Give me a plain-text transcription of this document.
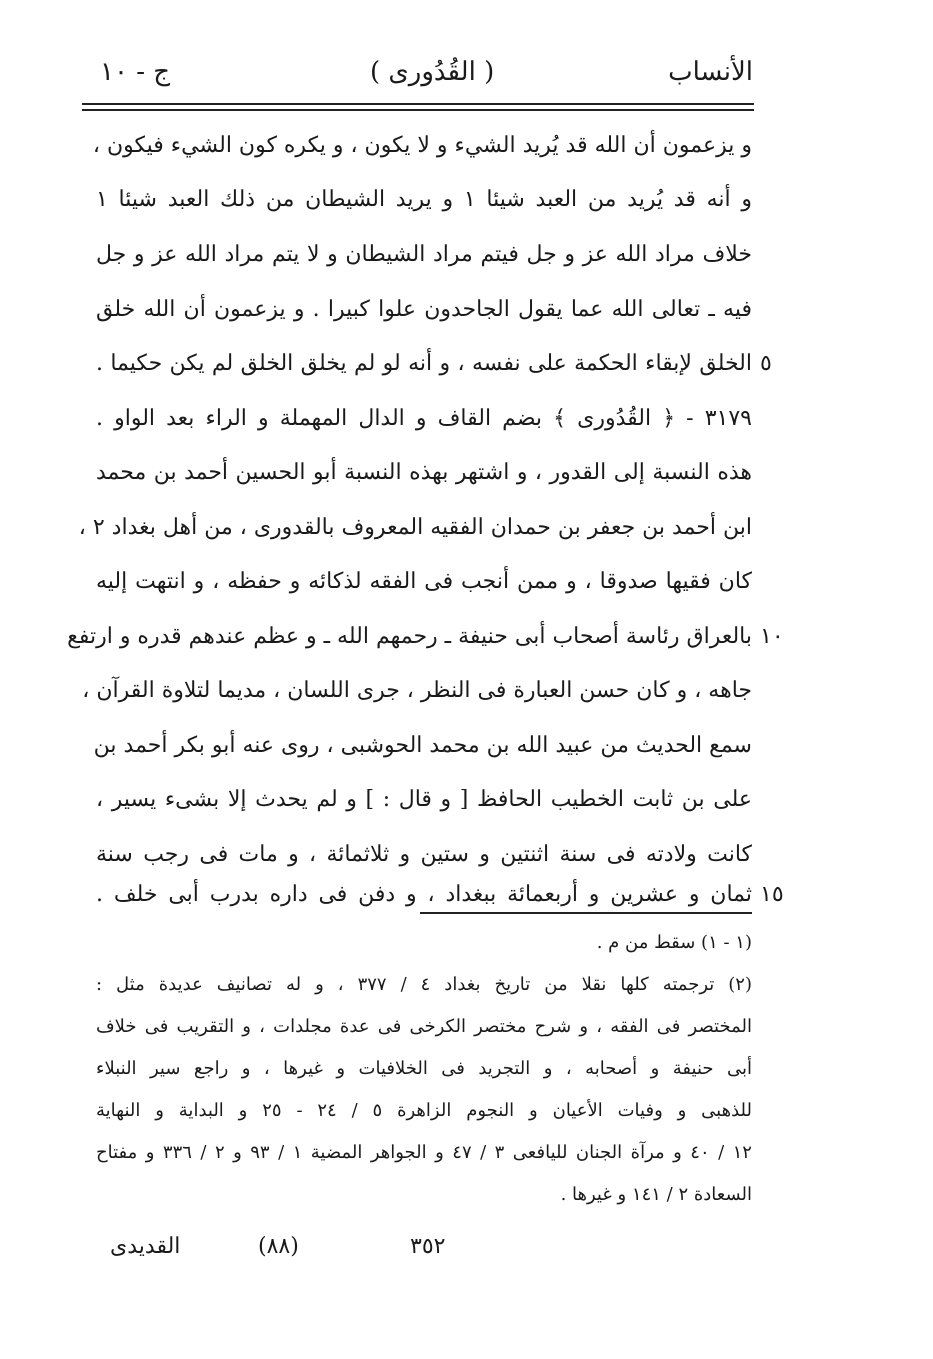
الأنساب
( القُدُوری )
ج - ١٠
و يزعمون أن الله قد يُريد الشيء و لا يكون ، و يكره كون الشيء فيكون ،
و أنه قد يُريد من العبد شيئا ١ و يريد الشيطان من ذلك العبد شيئا ١
خلاف مراد الله عز و جل فيتم مراد الشيطان و لا يتم مراد الله عز و جل
فيه ـ تعالى الله عما يقول الجاحدون علوا كبيرا . و يزعمون أن الله خلق
الخلق لإبقاء الحكمة على نفسه ، و أنه لو لم يخلق الخلق لم يكن حكيما .
٣١٧٩ - ﴿ القُدُوری ﴾ بضم القاف و الدال المهملة و الراء بعد الواو .
هذه النسبة إلى القدور ، و اشتهر بهذه النسبة أبو الحسين أحمد بن محمد
ابن أحمد بن جعفر بن حمدان الفقيه المعروف بالقدوری ، من أهل بغداد ٢ ،
كان فقيها صدوقا ، و ممن أنجب فی الفقه لذكائه و حفظه ، و انتهت إليه
بالعراق رئاسة أصحاب أبی حنيفة ـ رحمهم الله ـ و عظم عندهم قدره و ارتفع
جاهه ، و كان حسن العبارة فی النظر ، جرى اللسان ، مديما لتلاوة القرآن ،
سمع الحديث من عبيد الله بن محمد الحوشبی ، روى عنه أبو بكر أحمد بن
علی بن ثابت الخطيب الحافظ [ و قال : ] و لم يحدث إلا بشیء يسير ،
كانت ولادته فی سنة اثنتين و ستين و ثلاثمائة ، و مات فی رجب سنة
ثمان و عشرين و أربعمائة ببغداد ، و دفن فی داره بدرب أبی خلف .
٥
١٠
١٥
(١ - ١) سقط من م .
(٢) ترجمته كلها نقلا من تاريخ بغداد ٤ / ٣٧٧ ، و له تصانيف عديدة مثل :
المختصر فی الفقه ، و شرح مختصر الكرخی فی عدة مجلدات ، و التقريب فی خلاف
أبی حنيفة و أصحابه ، و التجريد فی الخلافيات و غيرها ، و راجع سير النبلاء
للذهبی و وفيات الأعيان و النجوم الزاهرة ٥ / ٢٤ - ٢٥ و البداية و النهاية
١٢ / ٤٠ و مرآة الجنان لليافعی ٣ / ٤٧ و الجواهر المضية ١ / ٩٣ و ٢ / ٣٣٦ و مفتاح
السعادة ٢ / ١٤١ و غيرها .
القديدی	(٨٨)	٣٥٢
